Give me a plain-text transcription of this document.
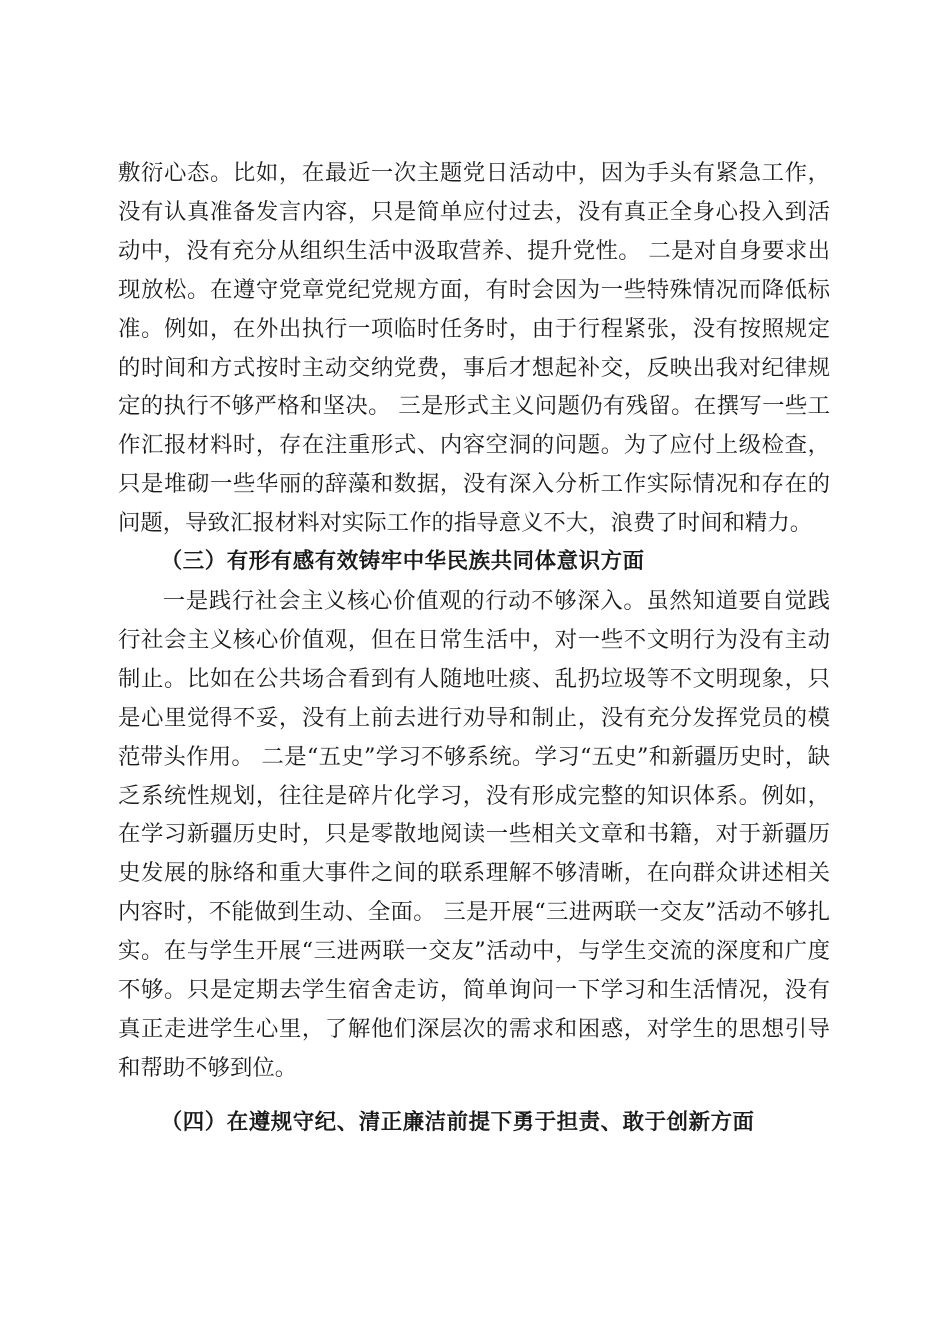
敷衍心态。比如，在最近一次主题党日活动中，因为手头有紧急工作，没有认真准备发言内容，只是简单应付过去，没有真正全身心投入到活动中，没有充分从组织生活中汲取营养、提升党性。 二是对自身要求出现放松。在遵守党章党纪党规方面，有时会因为一些特殊情况而降低标准。例如，在外出执行一项临时任务时，由于行程紧张，没有按照规定的时间和方式按时主动交纳党费，事后才想起补交，反映出我对纪律规定的执行不够严格和坚决。 三是形式主义问题仍有残留。在撰写一些工作汇报材料时，存在注重形式、内容空洞的问题。为了应付上级检查，只是堆砌一些华丽的辞藻和数据，没有深入分析工作实际情况和存在的问题，导致汇报材料对实际工作的指导意义不大，浪费了时间和精力。

（三）有形有感有效铸牢中华民族共同体意识方面

一是践行社会主义核心价值观的行动不够深入。虽然知道要自觉践行社会主义核心价值观，但在日常生活中，对一些不文明行为没有主动制止。比如在公共场合看到有人随地吐痰、乱扔垃圾等不文明现象，只是心里觉得不妥，没有上前去进行劝导和制止，没有充分发挥党员的模范带头作用。 二是“五史”学习不够系统。学习“五史”和新疆历史时，缺乏系统性规划，往往是碎片化学习，没有形成完整的知识体系。例如，在学习新疆历史时，只是零散地阅读一些相关文章和书籍，对于新疆历史发展的脉络和重大事件之间的联系理解不够清晰，在向群众讲述相关内容时，不能做到生动、全面。 三是开展“三进两联一交友”活动不够扎实。在与学生开展“三进两联一交友”活动中，与学生交流的深度和广度不够。只是定期去学生宿舍走访，简单询问一下学习和生活情况，没有真正走进学生心里，了解他们深层次的需求和困惑，对学生的思想引导和帮助不够到位。

（四）在遵规守纪、清正廉洁前提下勇于担责、敢于创新方面
